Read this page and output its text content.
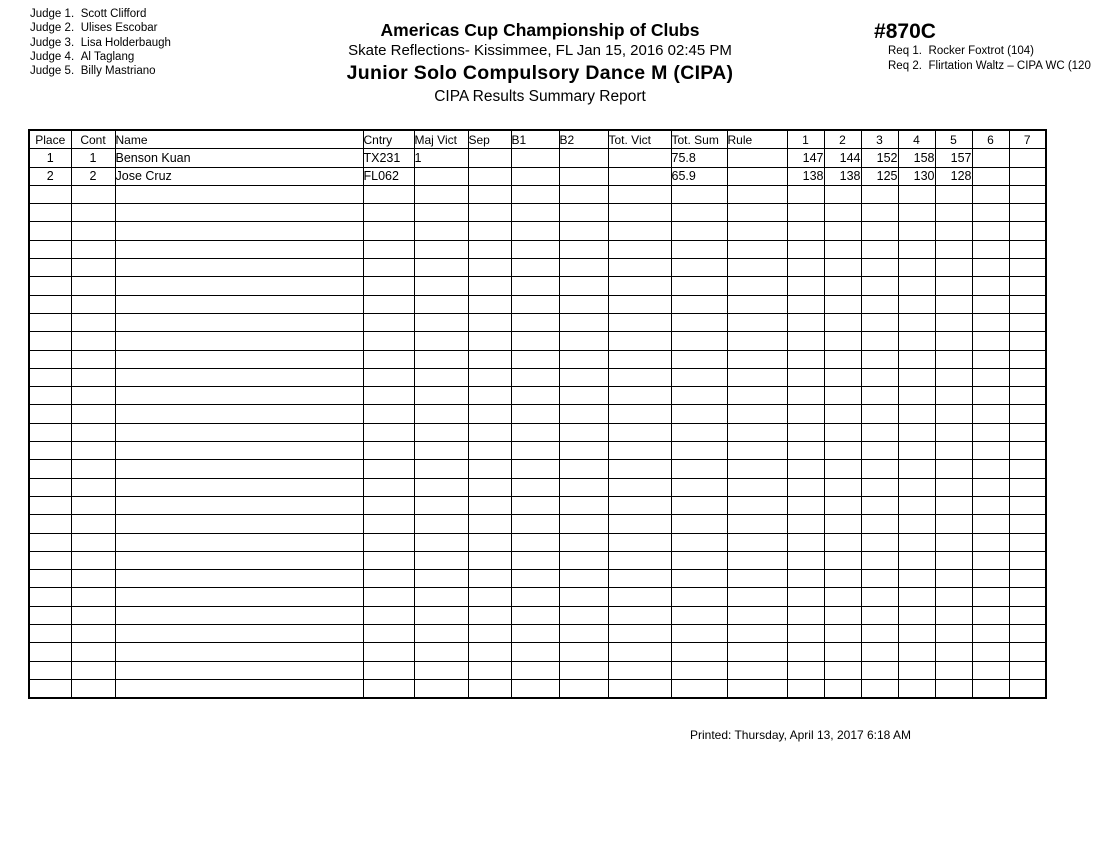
Judge 1. Scott Clifford
Judge 2. Ulises Escobar
Judge 3. Lisa Holderbaugh
Judge 4. Al Taglang
Judge 5. Billy Mastriano
Americas Cup Championship of Clubs
Skate Reflections- Kissimmee, FL Jan 15, 2016 02:45 PM
Junior Solo Compulsory Dance M (CIPA)
CIPA Results Summary Report
#870C
Req 1. Rocker Foxtrot (104)
Req 2. Flirtation Waltz – CIPA WC (120
Place	Cont	Name	Cntry	Maj Vict	Sep	B1	B2	Tot. Vict	Tot. Sum	Rule	1	2	3	4	5	6	7
1	1	Benson Kuan	TX231	1					75.8		147	144	152	158	157		
2	2	Jose Cruz	FL062						65.9		138	138	125	130	128		

Printed: Thursday, April 13, 2017 6:18 AM
